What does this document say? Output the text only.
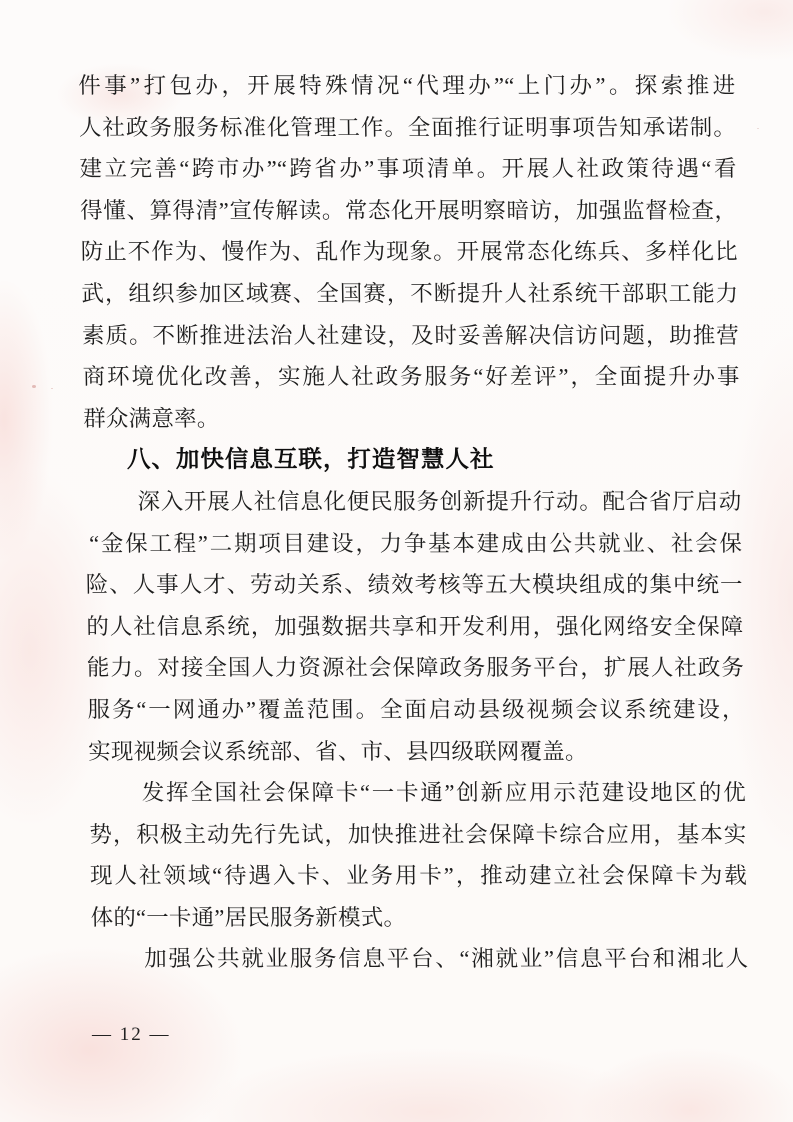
件事”打包办，开展特殊情况“代理办”“上门办”。探索推进
人社政务服务标准化管理工作。全面推行证明事项告知承诺制。
建立完善“跨市办”“跨省办”事项清单。开展人社政策待遇“看
得懂、算得清”宣传解读。常态化开展明察暗访，加强监督检查，
防止不作为、慢作为、乱作为现象。开展常态化练兵、多样化比
武，组织参加区域赛、全国赛，不断提升人社系统干部职工能力
素质。不断推进法治人社建设，及时妥善解决信访问题，助推营
商环境优化改善，实施人社政务服务“好差评”，全面提升办事
群众满意率。
八、加快信息互联，打造智慧人社
深入开展人社信息化便民服务创新提升行动。配合省厅启动
“金保工程”二期项目建设，力争基本建成由公共就业、社会保
险、人事人才、劳动关系、绩效考核等五大模块组成的集中统一
的人社信息系统，加强数据共享和开发利用，强化网络安全保障
能力。对接全国人力资源社会保障政务服务平台，扩展人社政务
服务“一网通办”覆盖范围。全面启动县级视频会议系统建设，
实现视频会议系统部、省、市、县四级联网覆盖。
发挥全国社会保障卡“一卡通”创新应用示范建设地区的优
势，积极主动先行先试，加快推进社会保障卡综合应用，基本实
现人社领域“待遇入卡、业务用卡”，推动建立社会保障卡为载
体的“一卡通”居民服务新模式。
加强公共就业服务信息平台、“湘就业”信息平台和湘北人
— 12 —
